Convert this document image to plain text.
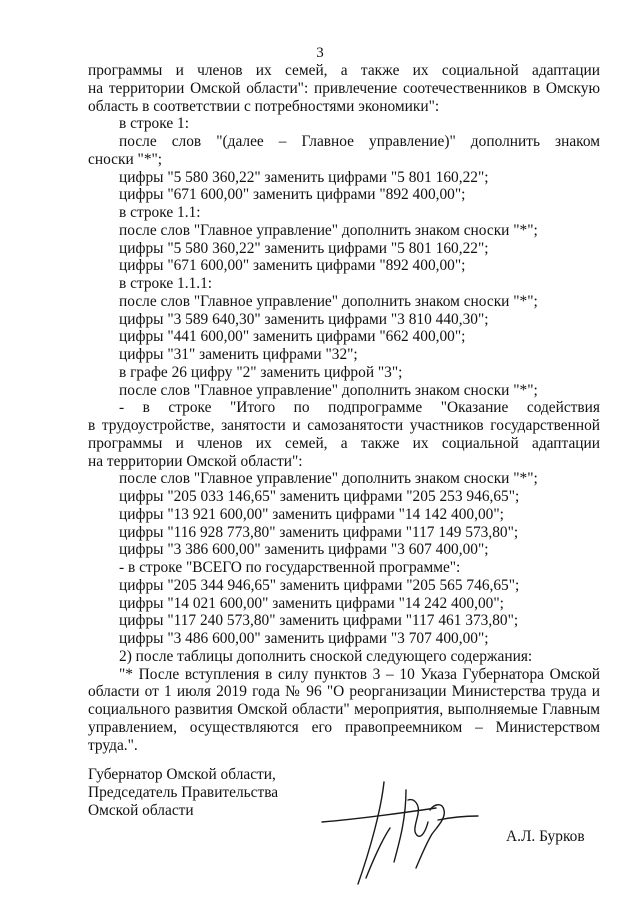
3
программы и членов их семей, а также их социальной адаптации
на территории Омской области": привлечение соотечественников в Омскую
область в соответствии с потребностями экономики":
в строке 1:
после слов "(далее – Главное управление)" дополнить знаком
сноски "*";
цифры "5 580 360,22" заменить цифрами "5 801 160,22";
цифры "671 600,00" заменить цифрами "892 400,00";
в строке 1.1:
после слов "Главное управление" дополнить знаком сноски "*";
цифры "5 580 360,22" заменить цифрами "5 801 160,22";
цифры "671 600,00" заменить цифрами "892 400,00";
в строке 1.1.1:
после слов "Главное управление" дополнить знаком сноски "*";
цифры "3 589 640,30" заменить цифрами "3 810 440,30";
цифры "441 600,00" заменить цифрами "662 400,00";
цифры "31" заменить цифрами "32";
в графе 26 цифру "2" заменить цифрой "3";
после слов "Главное управление" дополнить знаком сноски "*";
- в строке "Итого по подпрограмме "Оказание содействия
в трудоустройстве, занятости и самозанятости участников государственной
программы и членов их семей, а также их социальной адаптации
на территории Омской области":
после слов "Главное управление" дополнить знаком сноски "*";
цифры "205 033 146,65" заменить цифрами "205 253 946,65";
цифры "13 921 600,00" заменить цифрами "14 142 400,00";
цифры "116 928 773,80" заменить цифрами "117 149 573,80";
цифры "3 386 600,00" заменить цифрами "3 607 400,00";
- в строке "ВСЕГО по государственной программе":
цифры "205 344 946,65" заменить цифрами "205 565 746,65";
цифры "14 021 600,00" заменить цифрами "14 242 400,00";
цифры "117 240 573,80" заменить цифрами "117 461 373,80";
цифры "3 486 600,00" заменить цифрами "3 707 400,00";
2) после таблицы дополнить сноской следующего содержания:
"* После вступления в силу пунктов 3 – 10 Указа Губернатора Омской
области от 1 июля 2019 года № 96 "О реорганизации Министерства труда и
социального развития Омской области" мероприятия, выполняемые Главным
управлением, осуществляются его правопреемником – Министерством
труда.".
Губернатор Омской области,
Председатель Правительства
Омской области
А.Л. Бурков
